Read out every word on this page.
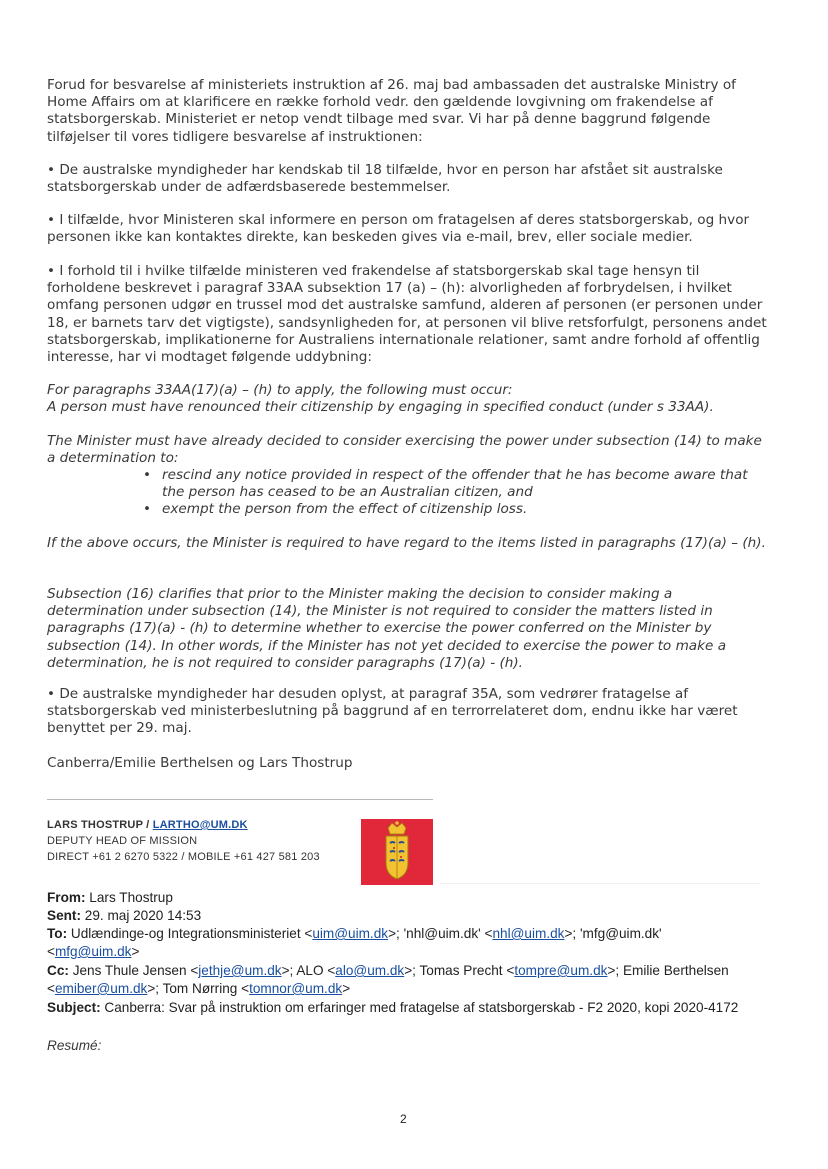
Forud for besvarelse af ministeriets instruktion af 26. maj bad ambassaden det australske Ministry of Home Affairs om at klarificere en række forhold vedr. den gældende lovgivning om frakendelse af statsborgerskab. Ministeriet er netop vendt tilbage med svar. Vi har på denne baggrund følgende tilføjelser til vores tidligere besvarelse af instruktionen:
• De australske myndigheder har kendskab til 18 tilfælde, hvor en person har afstået sit australske statsborgerskab under de adfærdsbaserede bestemmelser.
• I tilfælde, hvor Ministeren skal informere en person om fratagelsen af deres statsborgerskab, og hvor personen ikke kan kontaktes direkte, kan beskeden gives via e-mail, brev, eller sociale medier.
• I forhold til i hvilke tilfælde ministeren ved frakendelse af statsborgerskab skal tage hensyn til forholdene beskrevet i paragraf 33AA subsektion 17 (a) – (h): alvorligheden af forbrydelsen, i hvilket omfang personen udgør en trussel mod det australske samfund, alderen af personen (er personen under 18, er barnets tarv det vigtigste), sandsynligheden for, at personen vil blive retsforfulgt, personens andet statsborgerskab, implikationerne for Australiens internationale relationer, samt andre forhold af offentlig interesse, har vi modtaget følgende uddybning:
For paragraphs 33AA(17)(a) – (h) to apply, the following must occur:
A person must have renounced their citizenship by engaging in specified conduct (under s 33AA).
The Minister must have already decided to consider exercising the power under subsection (14) to make a determination to:
• rescind any notice provided in respect of the offender that he has become aware that
the person has ceased to be an Australian citizen, and
• exempt the person from the effect of citizenship loss.
If the above occurs, the Minister is required to have regard to the items listed in paragraphs (17)(a) – (h).
Subsection (16) clarifies that prior to the Minister making the decision to consider making a determination under subsection (14), the Minister is not required to consider the matters listed in paragraphs (17)(a) - (h) to determine whether to exercise the power conferred on the Minister by subsection (14). In other words, if the Minister has not yet decided to exercise the power to make a determination, he is not required to consider paragraphs (17)(a) - (h).
• De australske myndigheder har desuden oplyst, at paragraf 35A, som vedrører fratagelse af statsborgerskab ved ministerbeslutning på baggrund af en terrorrelateret dom, endnu ikke har været benyttet per 29. maj.
Canberra/Emilie Berthelsen og Lars Thostrup
LARS THOSTRUP / LARTHO@UM.DK
DEPUTY HEAD OF MISSION
DIRECT +61 2 6270 5322 / MOBILE +61 427 581 203
From: Lars Thostrup
Sent: 29. maj 2020 14:53
To: Udlændinge-og Integrationsministeriet <uim@uim.dk>; 'nhl@uim.dk' <nhl@uim.dk>; 'mfg@uim.dk'
<mfg@uim.dk>
Cc: Jens Thule Jensen <jethje@um.dk>; ALO <alo@um.dk>; Tomas Precht <tompre@um.dk>; Emilie Berthelsen
<emiber@um.dk>; Tom Nørring <tomnor@um.dk>
Subject: Canberra: Svar på instruktion om erfaringer med fratagelse af statsborgerskab - F2 2020, kopi 2020-4172
Resumé:
2
